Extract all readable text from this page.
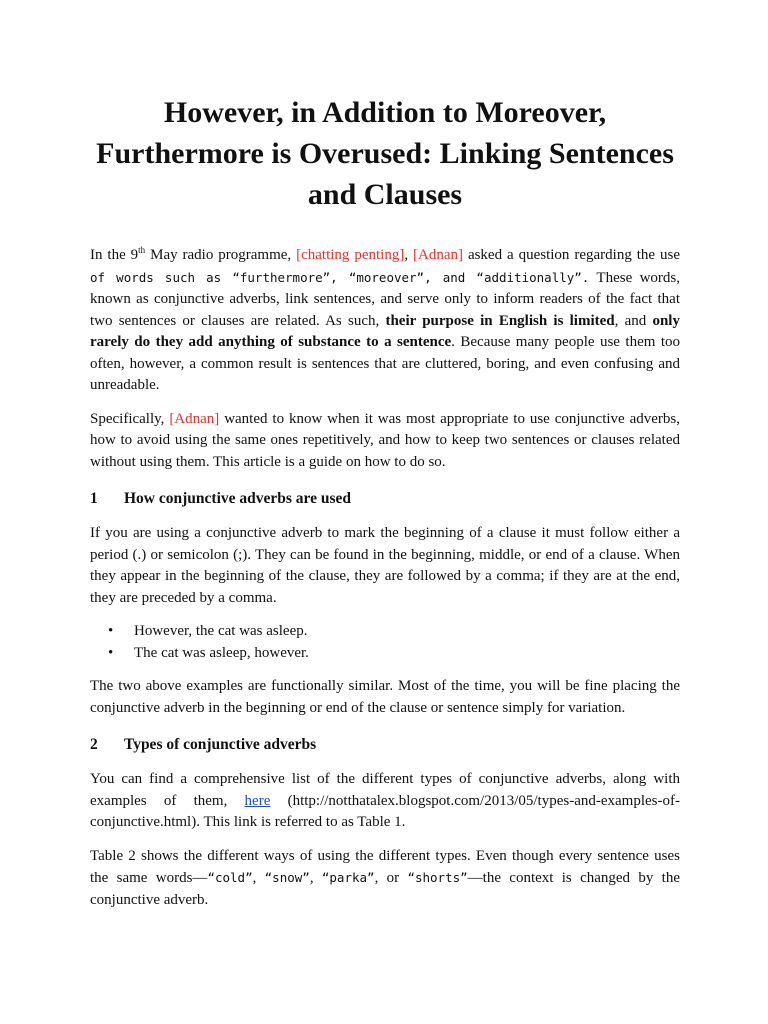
However, in Addition to Moreover, Furthermore is Overused: Linking Sentences and Clauses

In the 9th May radio programme, [chatting penting], [Adnan] asked a question regarding the use of words such as “furthermore”, “moreover”, and “additionally”. These words, known as conjunctive adverbs, link sentences, and serve only to inform readers of the fact that two sentences or clauses are related. As such, their purpose in English is limited, and only rarely do they add anything of substance to a sentence. Because many people use them too often, however, a common result is sentences that are cluttered, boring, and even confusing and unreadable.

Specifically, [Adnan] wanted to know when it was most appropriate to use conjunctive adverbs, how to avoid using the same ones repetitively, and how to keep two sentences or clauses related without using them. This article is a guide on how to do so.

1 How conjunctive adverbs are used

If you are using a conjunctive adverb to mark the beginning of a clause it must follow either a period (.) or semicolon (;). They can be found in the beginning, middle, or end of a clause. When they appear in the beginning of the clause, they are followed by a comma; if they are at the end, they are preceded by a comma.

• However, the cat was asleep.
• The cat was asleep, however.

The two above examples are functionally similar. Most of the time, you will be fine placing the conjunctive adverb in the beginning or end of the clause or sentence simply for variation.

2 Types of conjunctive adverbs

You can find a comprehensive list of the different types of conjunctive adverbs, along with examples of them, here (http://notthatalex.blogspot.com/2013/05/types-and-examples-of-conjunctive.html). This link is referred to as Table 1.

Table 2 shows the different ways of using the different types. Even though every sentence uses the same words—“cold”, “snow”, “parka”, or “shorts”—the context is changed by the conjunctive adverb.
